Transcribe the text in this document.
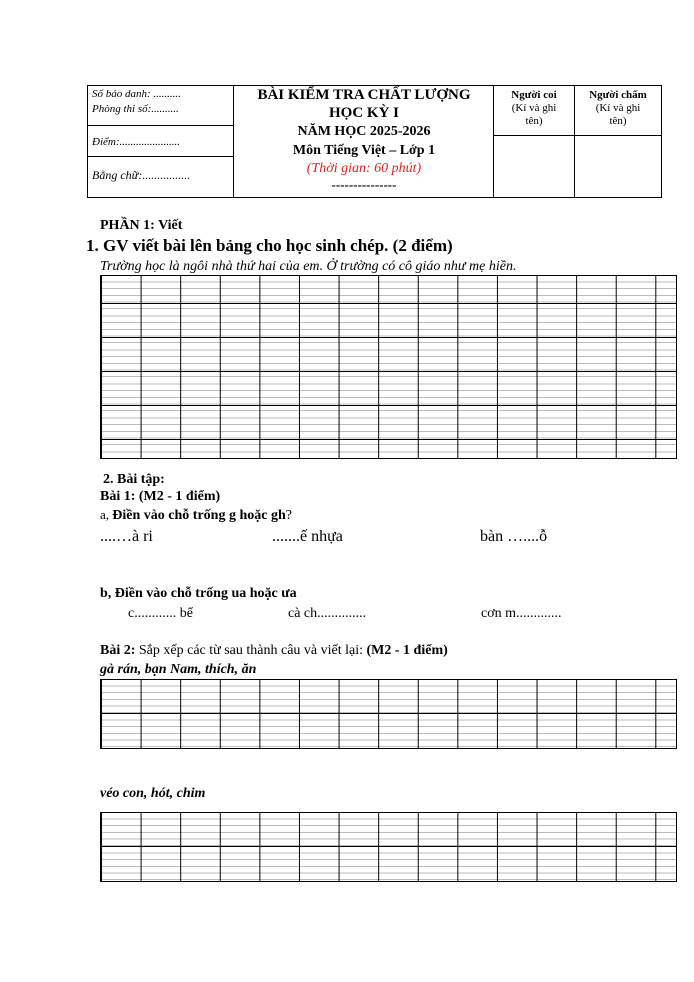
Số báo danh: ..........
Phòng thi số:..........
Điểm:......................
Bằng chữ:................
BÀI KIỂM TRA CHẤT LƯỢNG
HỌC KỲ I
NĂM HỌC 2025-2026
Môn Tiếng Việt – Lớp 1
(Thời gian: 60 phút)
---------------
Người coi
(Kí và ghi tên)
Người chấm
(Kí và ghi tên)
PHẦN 1: Viết
1. GV viết bài lên bảng cho học sinh chép. (2 điểm)
Trường học là ngôi nhà thứ hai của em. Ở trường có cô giáo như mẹ hiền.
2. Bài tập:
Bài 1: (M2 - 1 điểm)
a, Điền vào chỗ trống g hoặc gh?
....…à ri	.......ế nhựa	bàn …....ỗ
b, Điền vào chỗ trống ua hoặc ưa
c............ bể	cà ch..............	cơn m.............
Bài 2: Sắp xếp các từ sau thành câu và viết lại: (M2 - 1 điểm)
gà rán, bạn Nam, thích, ăn
véo con, hót, chim
